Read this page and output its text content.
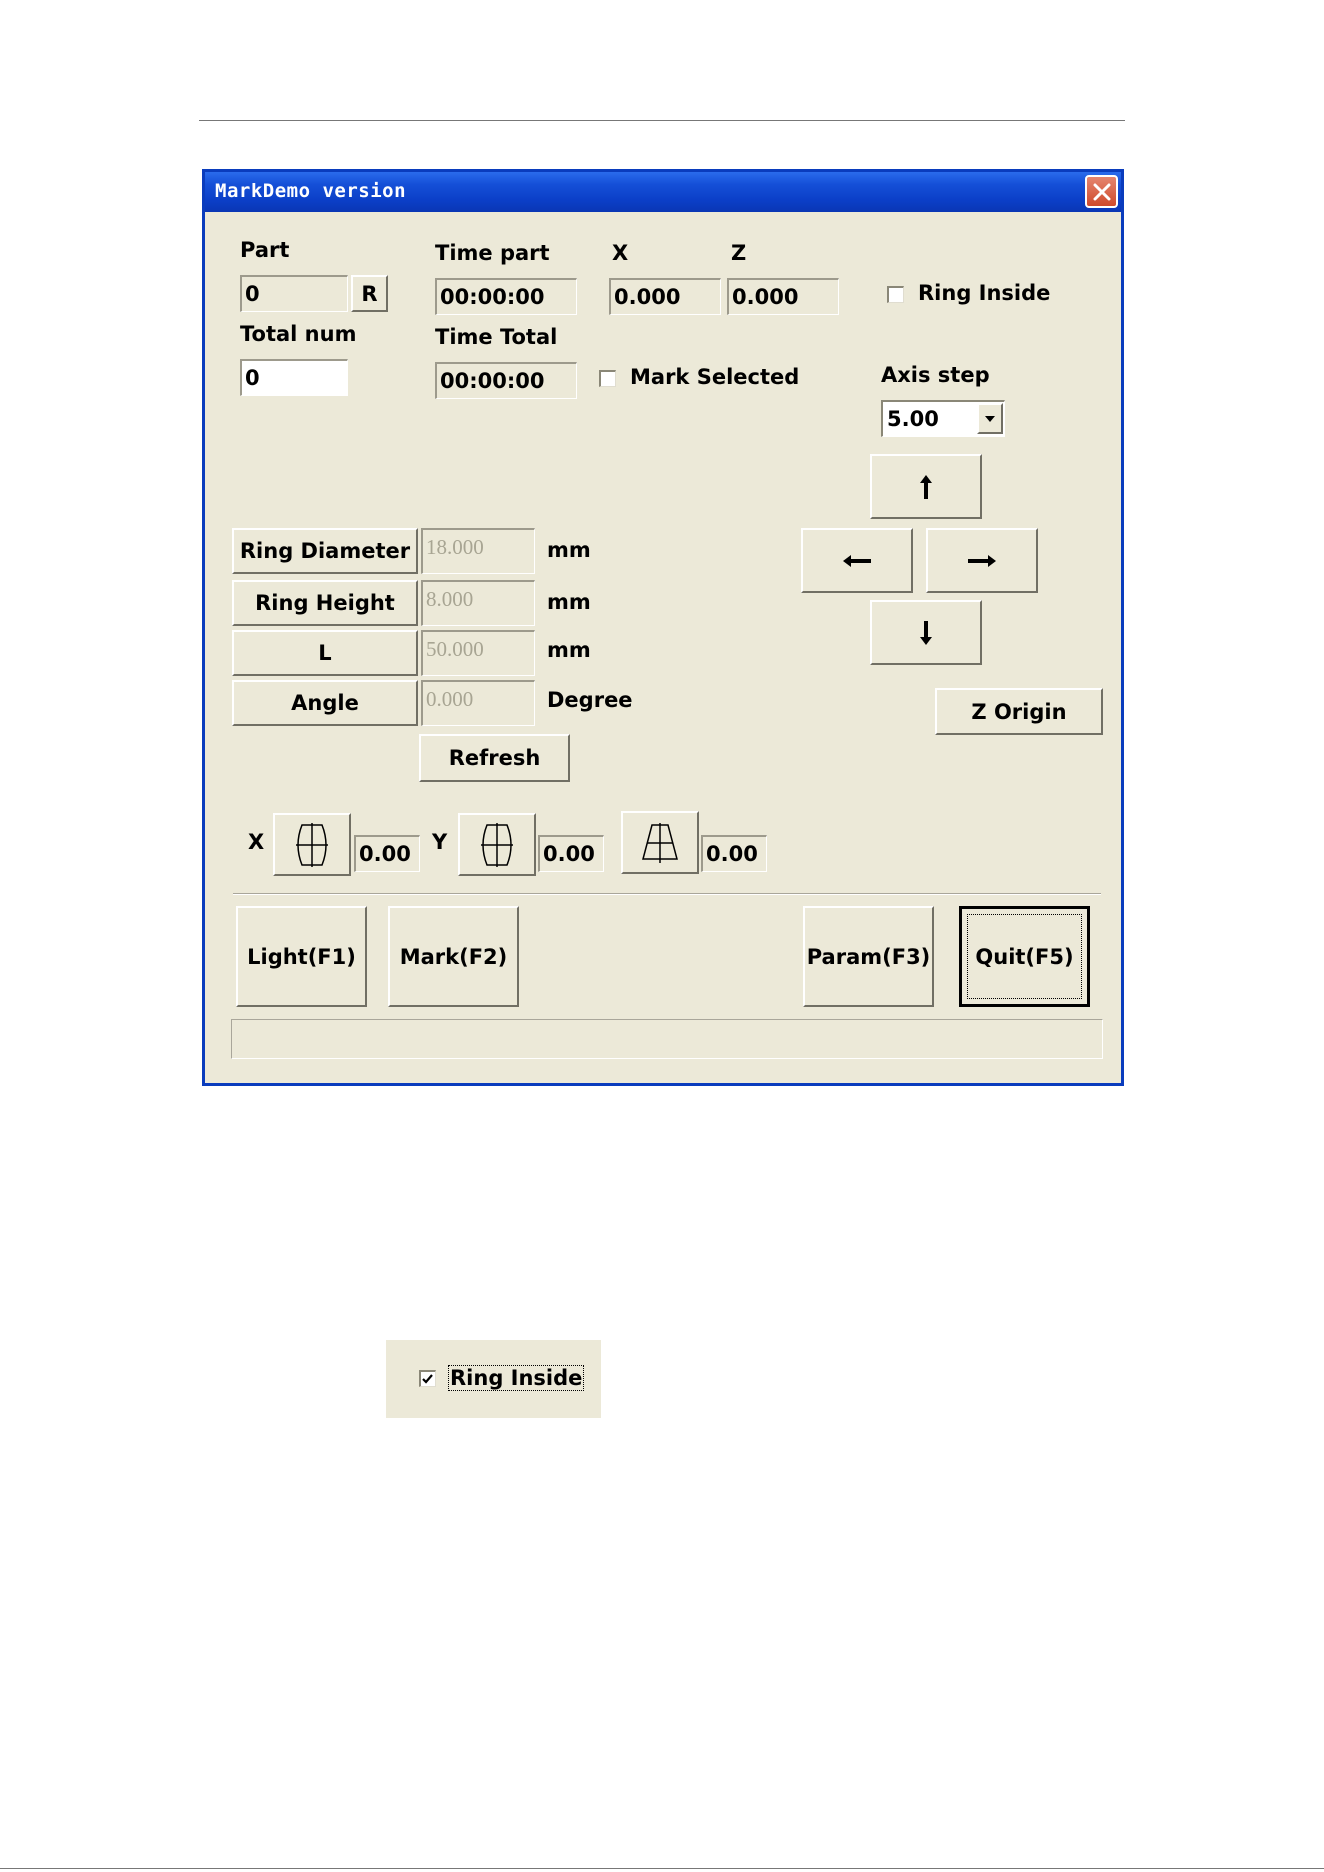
MarkDemo version
Part
0	R
Total num
0
Time part
00:00:00
X
0.000
Z
0.000	Ring Inside
Time Total
00:00:00	Mark Selected	Axis step
5.00
Ring Diameter 18.000	mm
Ring Height	8.000	mm
L	50.000	mm
Angle	0.000	Degree
Refresh
Z Origin
X	0.00	Y	0.00	0.00
Light(F1)	Mark(F2)	Param(F3) Quit(F5)
Ring Inside
